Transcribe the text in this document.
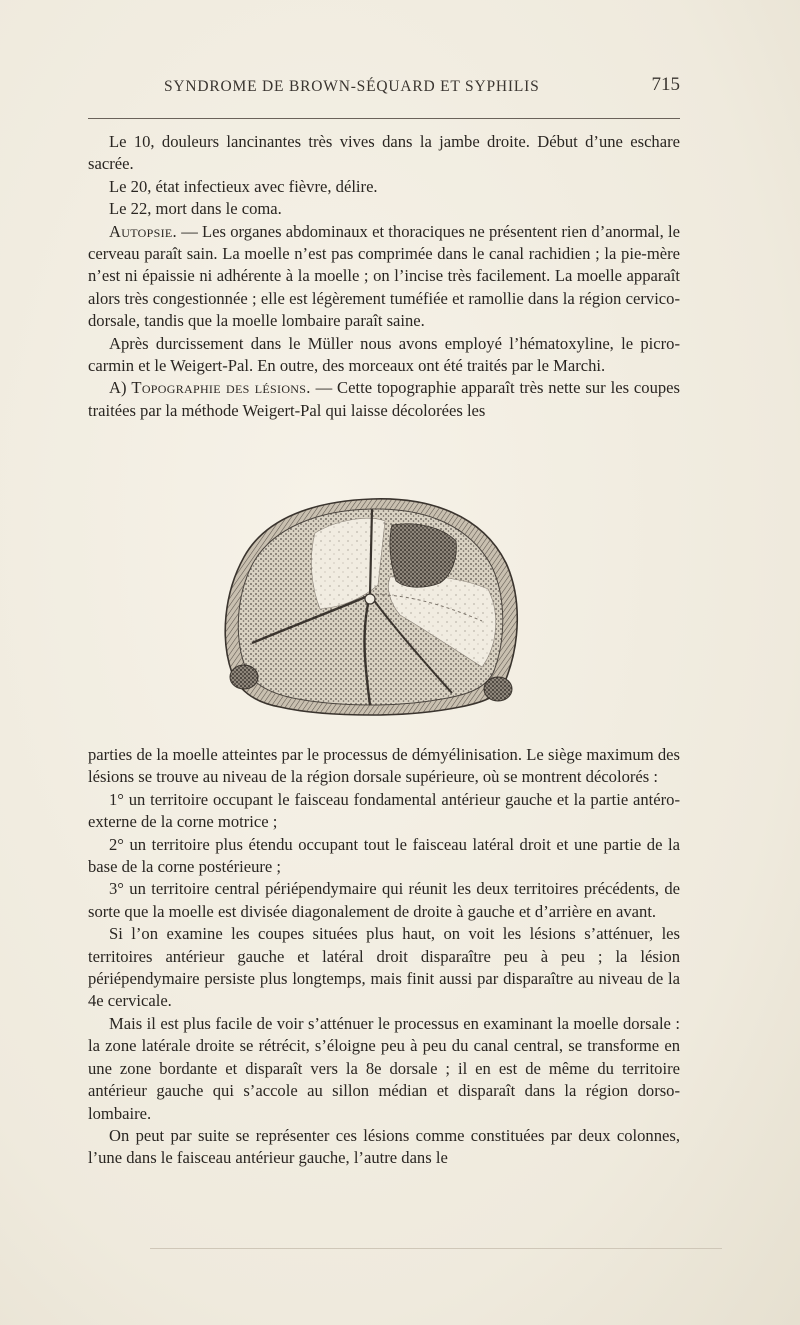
SYNDROME DE BROWN-SÉQUARD ET SYPHILIS	715

Le 10, douleurs lancinantes très vives dans la jambe droite. Début d’une eschare sacrée.

Le 20, état infectieux avec fièvre, délire.

Le 22, mort dans le coma.

Autopsie. — Les organes abdominaux et thoraciques ne présentent rien d’anormal, le cerveau paraît sain. La moelle n’est pas comprimée dans le canal rachidien ; la pie-mère n’est ni épaissie ni adhérente à la moelle ; on l’incise très facilement. La moelle apparaît alors très congestionnée ; elle est légèrement tuméfiée et ramollie dans la région cervico-dorsale, tandis que la moelle lombaire paraît saine.

Après durcissement dans le Müller nous avons employé l’hématoxyline, le picro-carmin et le Weigert-Pal. En outre, des morceaux ont été traités par le Marchi.

A) Topographie des lésions. — Cette topographie apparaît très nette sur les coupes traitées par la méthode Weigert-Pal qui laisse décolorées les

parties de la moelle atteintes par le processus de démyélinisation. Le siège maximum des lésions se trouve au niveau de la région dorsale supérieure, où se montrent décolorés :

1° un territoire occupant le faisceau fondamental antérieur gauche et la partie antéro-externe de la corne motrice ;

2° un territoire plus étendu occupant tout le faisceau latéral droit et une partie de la base de la corne postérieure ;

3° un territoire central périépendymaire qui réunit les deux territoires précédents, de sorte que la moelle est divisée diagonalement de droite à gauche et d’arrière en avant.

Si l’on examine les coupes situées plus haut, on voit les lésions s’atténuer, les territoires antérieur gauche et latéral droit disparaître peu à peu ; la lésion périépendymaire persiste plus longtemps, mais finit aussi par disparaître au niveau de la 4e cervicale.

Mais il est plus facile de voir s’atténuer le processus en examinant la moelle dorsale : la zone latérale droite se rétrécit, s’éloigne peu à peu du canal central, se transforme en une zone bordante et disparaît vers la 8e dorsale ; il en est de même du territoire antérieur gauche qui s’accole au sillon médian et disparaît dans la région dorso-lombaire.

On peut par suite se représenter ces lésions comme constituées par deux colonnes, l’une dans le faisceau antérieur gauche, l’autre dans le
